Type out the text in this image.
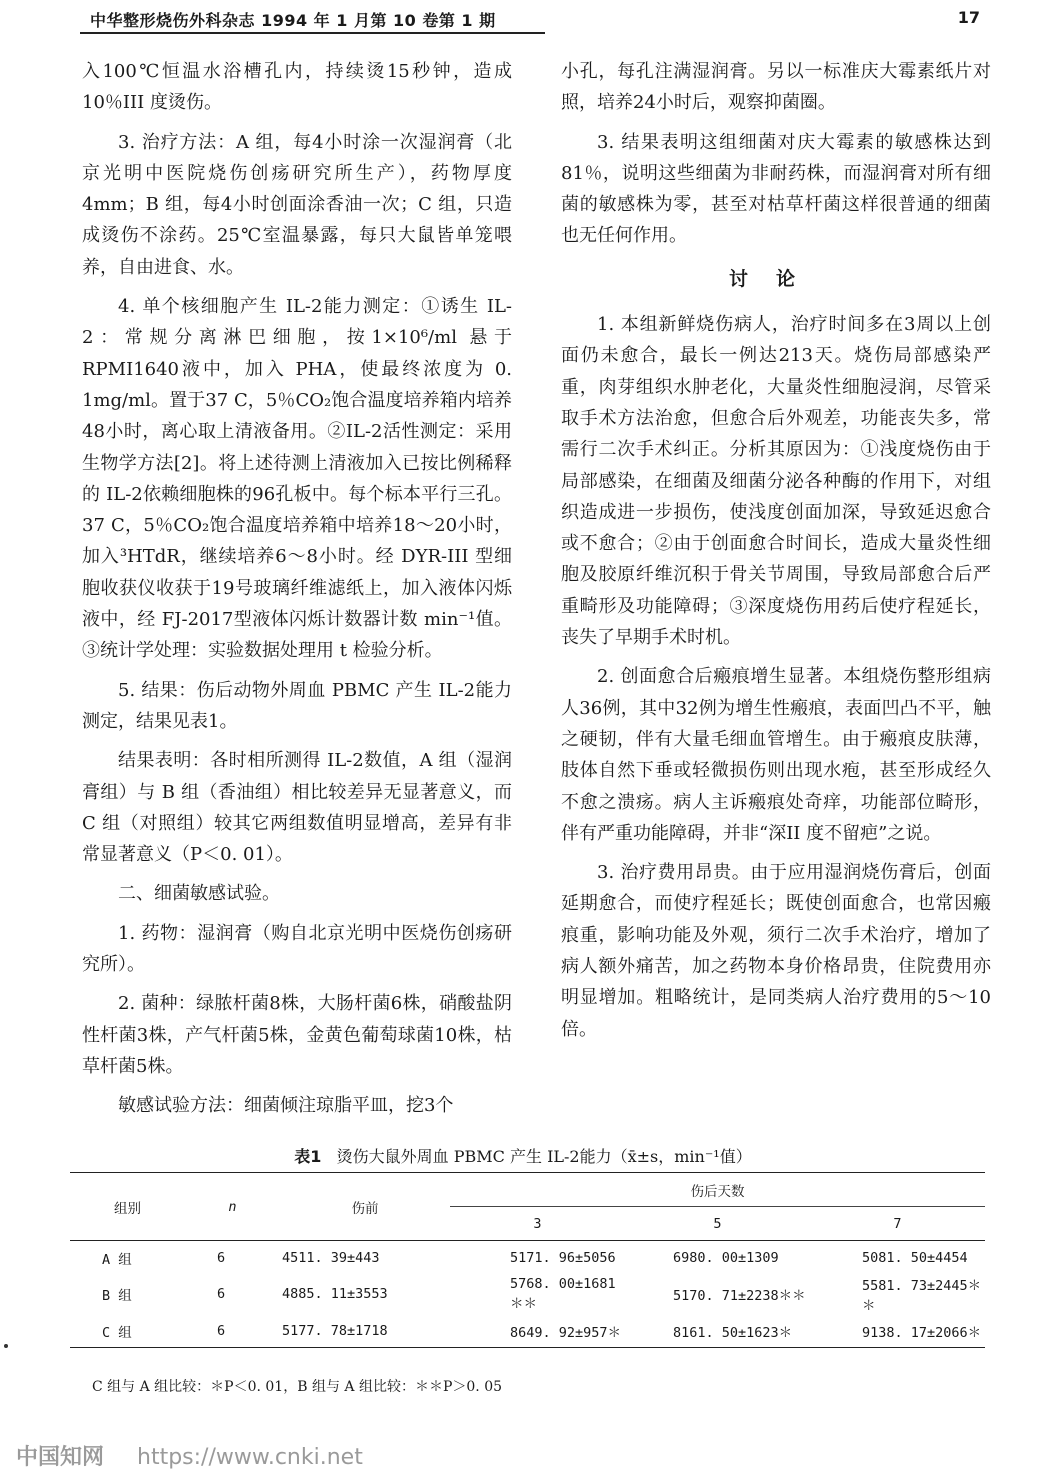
中华整形烧伤外科杂志 1994 年 1 月第 10 卷第 1 期	17

入100℃恒温水浴槽孔内，持续烫15秒钟，造成10％III 度烫伤。

3. 治疗方法：A 组，每4小时涂一次湿润膏（北京光明中医院烧伤创疡研究所生产），药物厚度4mm；B 组，每4小时创面涂香油一次；C 组，只造成烫伤不涂药。25℃室温暴露，每只大鼠皆单笼喂养，自由进食、水。

4. 单个核细胞产生 IL-2能力测定：①诱生 IL-2：常规分离淋巴细胞，按1×10⁶/ml 悬于 RPMI1640液中，加入 PHA，使最终浓度为 0. 1mg/ml。置于37 C，5％CO₂饱合温度培养箱内培养48小时，离心取上清液备用。②IL-2活性测定：采用生物学方法[2]。将上述待测上清液加入已按比例稀释的 IL-2依赖细胞株的96孔板中。每个标本平行三孔。37 C，5％CO₂饱合温度培养箱中培养18～20小时，加入³HTdR，继续培养6～8小时。经 DYR-III 型细胞收获仪收获于19号玻璃纤维滤纸上，加入液体闪烁液中，经 FJ-2017型液体闪烁计数器计数 min⁻¹值。③统计学处理：实验数据处理用 t 检验分析。

5. 结果：伤后动物外周血 PBMC 产生 IL-2能力测定，结果见表1。

结果表明：各时相所测得 IL-2数值，A 组（湿润膏组）与 B 组（香油组）相比较差异无显著意义，而 C 组（对照组）较其它两组数值明显增高，差异有非常显著意义（P＜0. 01）。

二、细菌敏感试验。

1. 药物：湿润膏（购自北京光明中医烧伤创疡研究所）。

2. 菌种：绿脓杆菌8株，大肠杆菌6株，硝酸盐阴性杆菌3株，产气杆菌5株，金黄色葡萄球菌10株，枯草杆菌5株。

敏感试验方法：细菌倾注琼脂平皿，挖3个

小孔，每孔注满湿润膏。另以一标准庆大霉素纸片对照，培养24小时后，观察抑菌圈。

3. 结果表明这组细菌对庆大霉素的敏感株达到81％，说明这些细菌为非耐药株，而湿润膏对所有细菌的敏感株为零，甚至对枯草杆菌这样很普通的细菌也无任何作用。

讨论

1. 本组新鲜烧伤病人，治疗时间多在3周以上创面仍未愈合，最长一例达213天。烧伤局部感染严重，肉芽组织水肿老化，大量炎性细胞浸润，尽管采取手术方法治愈，但愈合后外观差，功能丧失多，常需行二次手术纠正。分析其原因为：①浅度烧伤由于局部感染，在细菌及细菌分泌各种酶的作用下，对组织造成进一步损伤，使浅度创面加深，导致延迟愈合或不愈合；②由于创面愈合时间长，造成大量炎性细胞及胶原纤维沉积于骨关节周围，导致局部愈合后严重畸形及功能障碍；③深度烧伤用药后使疗程延长，丧失了早期手术时机。

2. 创面愈合后瘢痕增生显著。本组烧伤整形组病人36例，其中32例为增生性瘢痕，表面凹凸不平，触之硬韧，伴有大量毛细血管增生。由于瘢痕皮肤薄，肢体自然下垂或轻微损伤则出现水疱，甚至形成经久不愈之溃疡。病人主诉瘢痕处奇痒，功能部位畸形，伴有严重功能障碍，并非“深II 度不留疤”之说。

3. 治疗费用昂贵。由于应用湿润烧伤膏后，创面延期愈合，而使疗程延长；既使创面愈合，也常因瘢痕重，影响功能及外观，须行二次手术治疗，增加了病人额外痛苦，加之药物本身价格昂贵，住院费用亦明显增加。粗略统计，是同类病人治疗费用的5～10倍。

表1 烫伤大鼠外周血 PBMC 产生 IL-2能力（x̄±s，min⁻¹值）
组别	n	伤前	伤后天数		
			3	5	7
A 组	6	4511. 39±443	5171. 96±5056	6980. 00±1309	5081. 50±4454
B 组	6	4885. 11±3553	5768. 00±1681＊＊	5170. 71±2238＊＊	5581. 73±2445＊＊
C 组	6	5177. 78±1718	8649. 92±957＊	8161. 50±1623＊	9138. 17±2066＊
C 组与 A 组比较：＊P＜0. 01，B 组与 A 组比较：＊＊P＞0. 05
中国知网 https://www.cnki.net
